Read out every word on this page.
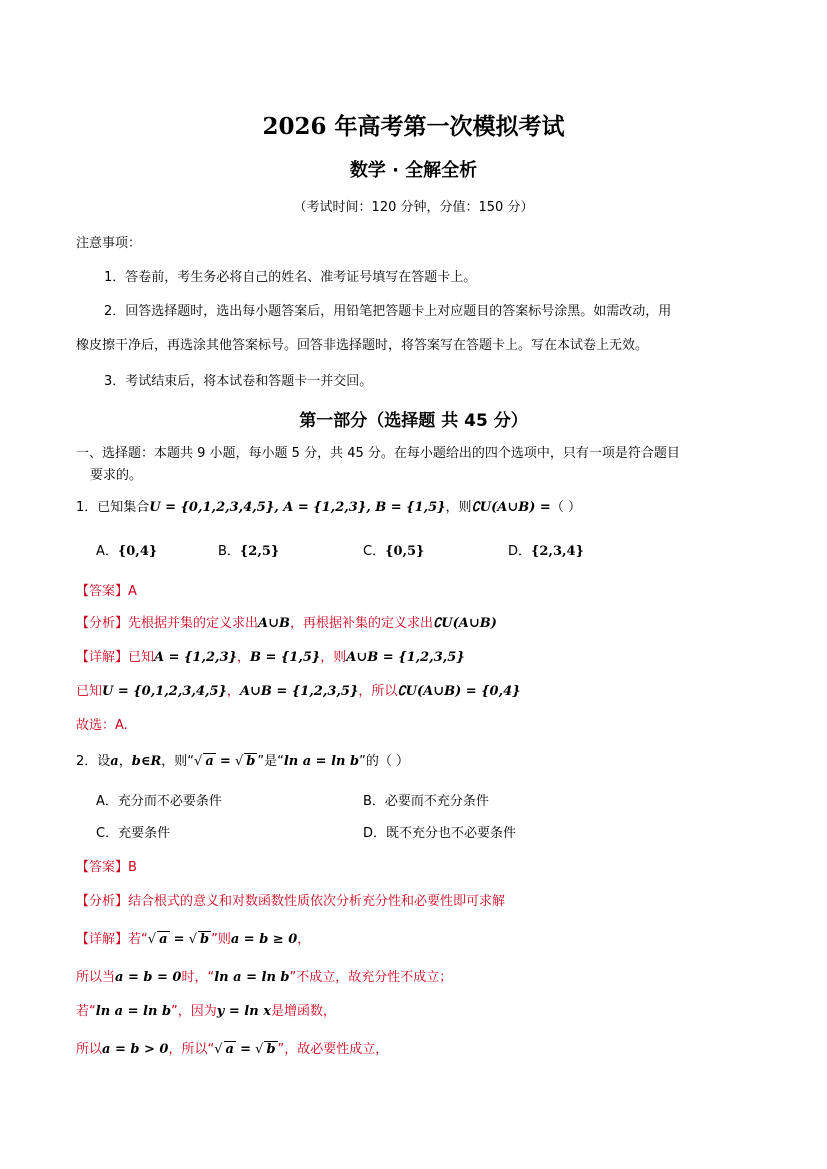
2026 年高考第一次模拟考试
数学 · 全解全析
（考试时间：120 分钟，分值：150 分）
注意事项：
1．答卷前，考生务必将自己的姓名、准考证号填写在答题卡上。
2．回答选择题时，选出每小题答案后，用铅笔把答题卡上对应题目的答案标号涂黑。如需改动，用
橡皮擦干净后，再选涂其他答案标号。回答非选择题时，将答案写在答题卡上。写在本试卷上无效。
3．考试结束后，将本试卷和答题卡一并交回。
第一部分（选择题 共 45 分）
一、选择题：本题共 9 小题，每小题 5 分，共 45 分。在每小题给出的四个选项中，只有一项是符合题目
要求的。
1．已知集合U = {0,1,2,3,4,5}, A = {1,2,3}, B = {1,5}，则∁U(A∪B) =（ ）
A．{0,4}	B．{2,5}	C．{0,5}	D．{2,3,4}
【答案】A
【分析】先根据并集的定义求出A∪B，再根据补集的定义求出∁U(A∪B)
【详解】已知A = {1,2,3}，B = {1,5}，则A∪B = {1,2,3,5}
已知U = {0,1,2,3,4,5}，A∪B = {1,2,3,5}，所以∁U(A∪B) = {0,4}
故选：A.
2．设a，b∈R，则“√ a = √ b ”是“ln a = ln b”的（ ）
A．充分而不必要条件	B．必要而不充分条件
C．充要条件	D．既不充分也不必要条件
【答案】B
【分析】结合根式的意义和对数函数性质依次分析充分性和必要性即可求解
【详解】若“√ a = √ b ”则a = b ≥ 0，
所以当a = b = 0时，“ln a = ln b”不成立，故充分性不成立；
若“ln a = ln b”，因为y = ln x是增函数，
所以a = b > 0，所以“√ a = √ b ”，故必要性成立，
